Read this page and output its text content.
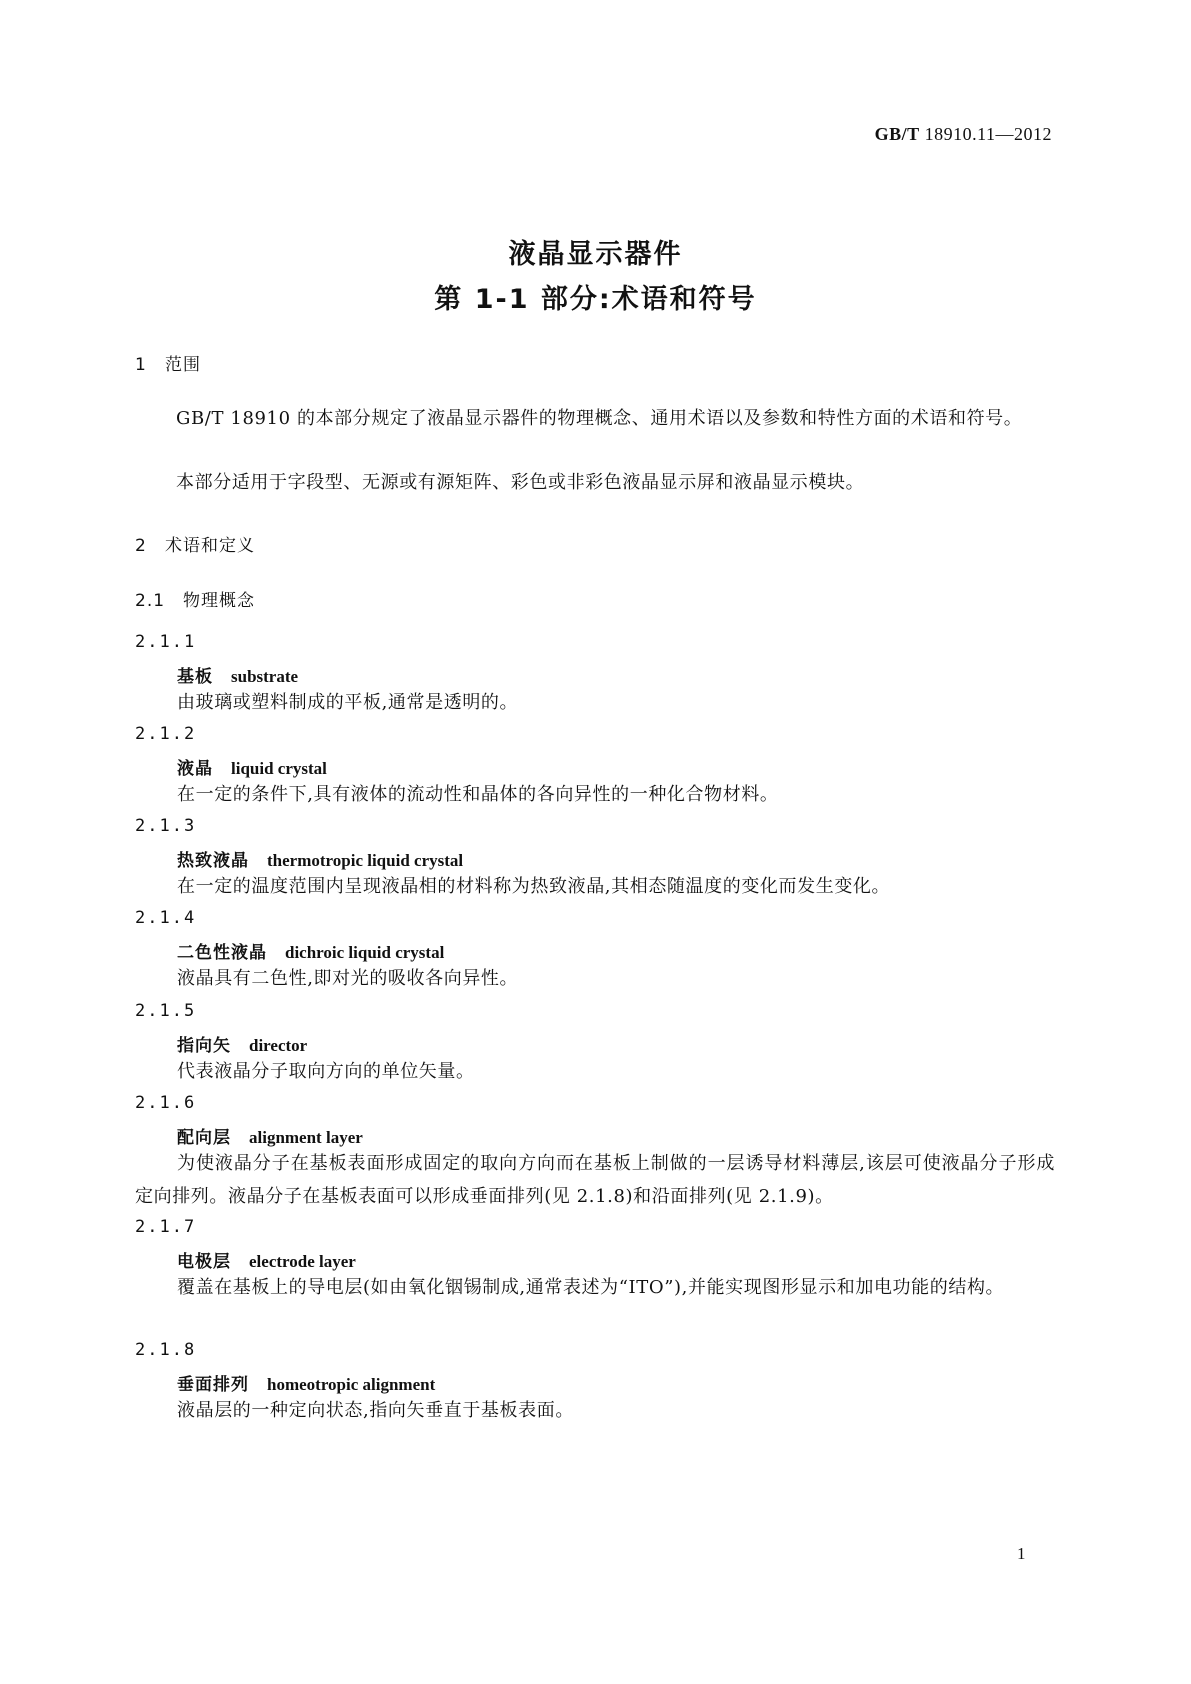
GB/T 18910.11—2012
液晶显示器件
第 1-1 部分:术语和符号
1 范围
GB/T 18910 的本部分规定了液晶显示器件的物理概念、通用术语以及参数和特性方面的术语和符号。
本部分适用于字段型、无源或有源矩阵、彩色或非彩色液晶显示屏和液晶显示模块。
2 术语和定义
2.1 物理概念
2.1.1
基板 substrate
由玻璃或塑料制成的平板,通常是透明的。
2.1.2
液晶 liquid crystal
在一定的条件下,具有液体的流动性和晶体的各向异性的一种化合物材料。
2.1.3
热致液晶 thermotropic liquid crystal
在一定的温度范围内呈现液晶相的材料称为热致液晶,其相态随温度的变化而发生变化。
2.1.4
二色性液晶 dichroic liquid crystal
液晶具有二色性,即对光的吸收各向异性。
2.1.5
指向矢 director
代表液晶分子取向方向的单位矢量。
2.1.6
配向层 alignment layer
为使液晶分子在基板表面形成固定的取向方向而在基板上制做的一层诱导材料薄层,该层可使液晶分子形成定向排列。液晶分子在基板表面可以形成垂面排列(见 2.1.8)和沿面排列(见 2.1.9)。
2.1.7
电极层 electrode layer
覆盖在基板上的导电层(如由氧化铟锡制成,通常表述为“ITO”),并能实现图形显示和加电功能的结构。
2.1.8
垂面排列 homeotropic alignment
液晶层的一种定向状态,指向矢垂直于基板表面。
1
